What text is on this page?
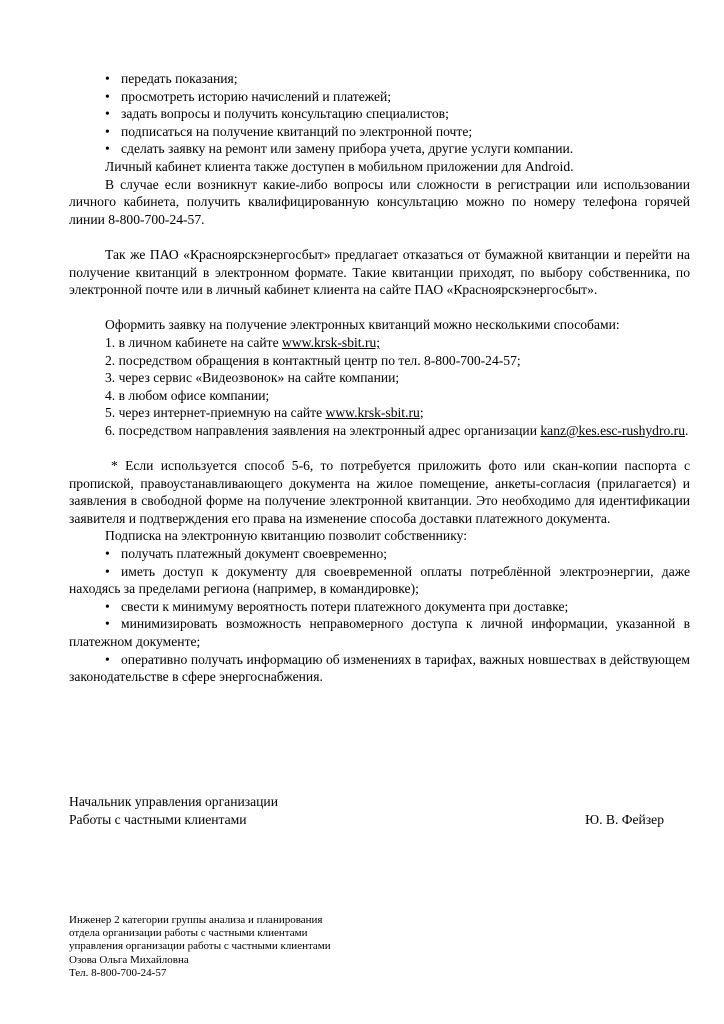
• передать показания;
• просмотреть историю начислений и платежей;
• задать вопросы и получить консультацию специалистов;
• подписаться на получение квитанций по электронной почте;
• сделать заявку на ремонт или замену прибора учета, другие услуги компании.
Личный кабинет клиента также доступен в мобильном приложении для Android.
В случае если возникнут какие-либо вопросы или сложности в регистрации или использовании личного кабинета, получить квалифицированную консультацию можно по номеру телефона горячей линии 8-800-700-24-57.
Так же ПАО «Красноярскэнергосбыт» предлагает отказаться от бумажной квитанции и перейти на получение квитанций в электронном формате. Такие квитанции приходят, по выбору собственника, по электронной почте или в личный кабинет клиента на сайте ПАО «Красноярскэнергосбыт».
Оформить заявку на получение электронных квитанций можно несколькими способами:
1. в личном кабинете на сайте www.krsk-sbit.ru;
2. посредством обращения в контактный центр по тел. 8-800-700-24-57;
3. через сервис «Видеозвонок» на сайте компании;
4. в любом офисе компании;
5. через интернет-приемную на сайте www.krsk-sbit.ru;
6. посредством направления заявления на электронный адрес организации kanz@kes.esc-rushydro.ru.
* Если используется способ 5-6, то потребуется приложить фото или скан-копии паспорта с пропиской, правоустанавливающего документа на жилое помещение, анкеты-согласия (прилагается) и заявления в свободной форме на получение электронной квитанции. Это необходимо для идентификации заявителя и подтверждения его права на изменение способа доставки платежного документа.
Подписка на электронную квитанцию позволит собственнику:
• получать платежный документ своевременно;
• иметь доступ к документу для своевременной оплаты потреблённой электроэнергии, даже находясь за пределами региона (например, в командировке);
• свести к минимуму вероятность потери платежного документа при доставке;
• минимизировать возможность неправомерного доступа к личной информации, указанной в платежном документе;
• оперативно получать информацию об изменениях в тарифах, важных новшествах в действующем законодательстве в сфере энергоснабжения.
Начальник управления организации
Работы с частными клиентами	Ю. В. Фейзер
Инженер 2 категории группы анализа и планирования
отдела организации работы с частными клиентами
управления организации работы с частными клиентами
Озова Ольга Михайловна
Тел. 8-800-700-24-57
